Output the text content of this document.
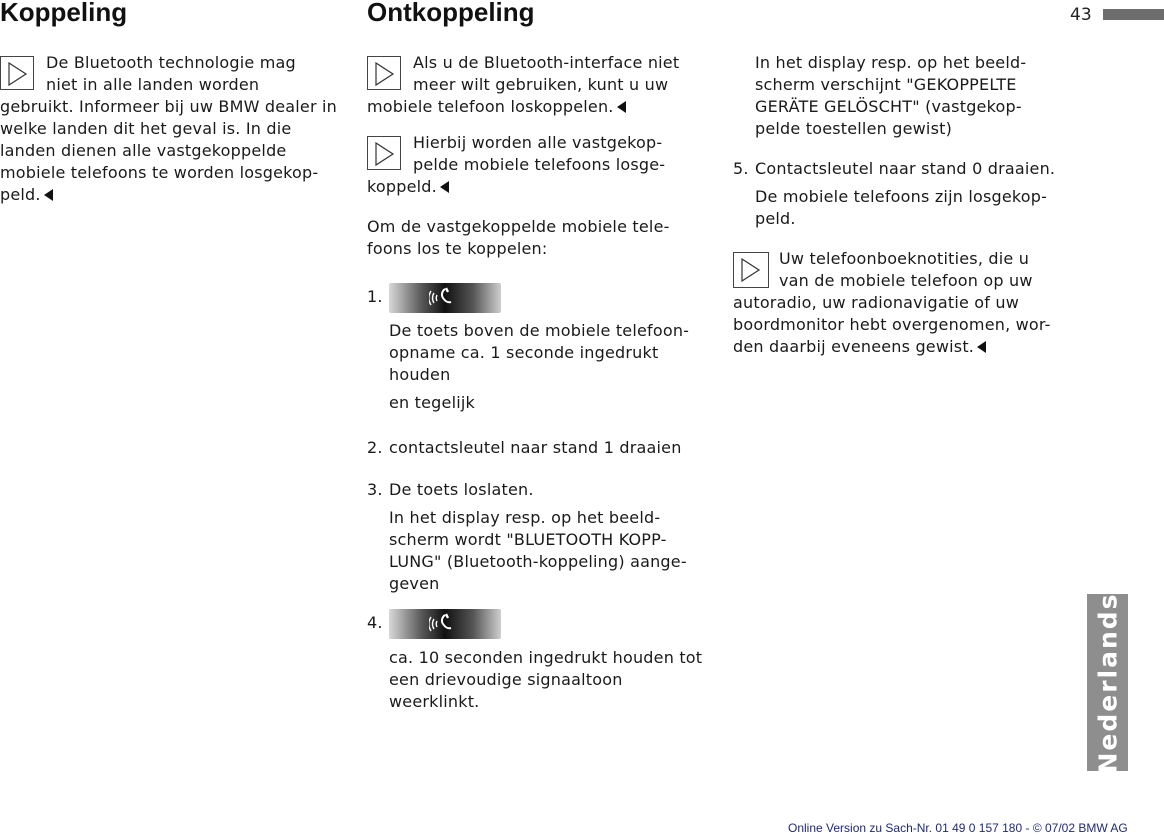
Koppeling	Ontkoppeling	43
De Bluetooth technologie mag
niet in alle landen worden

gebruikt. Informeer bij uw BMW dealer in welke landen dit het geval is. In die landen dienen alle vastgekoppelde mobiele telefoons te worden losgekop-peld.

Als u de Bluetooth-interface niet
meer wilt gebruiken, kunt u uw

mobiele telefoon loskoppelen.

Hierbij worden alle vastgekop-
pelde mobiele telefoons losge-

koppeld.

Om de vastgekoppelde mobiele tele-foons los te koppelen:

1.

De toets boven de mobiele telefoon-opname ca. 1 seconde ingedrukt houden

en tegelijk

2. contactsleutel naar stand 1 draaien

3. De toets loslaten.

In het display resp. op het beeld-scherm wordt "BLUETOOTH KOPP-LUNG" (Bluetooth-koppeling) aange-geven

4.

ca. 10 seconden ingedrukt houden tot een drievoudige signaaltoon weerklinkt.

In het display resp. op het beeld-scherm verschijnt "GEKOPPELTE GERÄTE GELÖSCHT" (vastgekop-pelde toestellen gewist)

5. Contactsleutel naar stand 0 draaien.

De mobiele telefoons zijn losgekop-peld.

Uw telefoonboeknotities, die u
van de mobiele telefoon op uw

autoradio, uw radionavigatie of uw boordmonitor hebt overgenomen, wor-den daarbij eveneens gewist.

Nederlands
Online Version zu Sach-Nr. 01 49 0 157 180 - © 07/02 BMW AG
